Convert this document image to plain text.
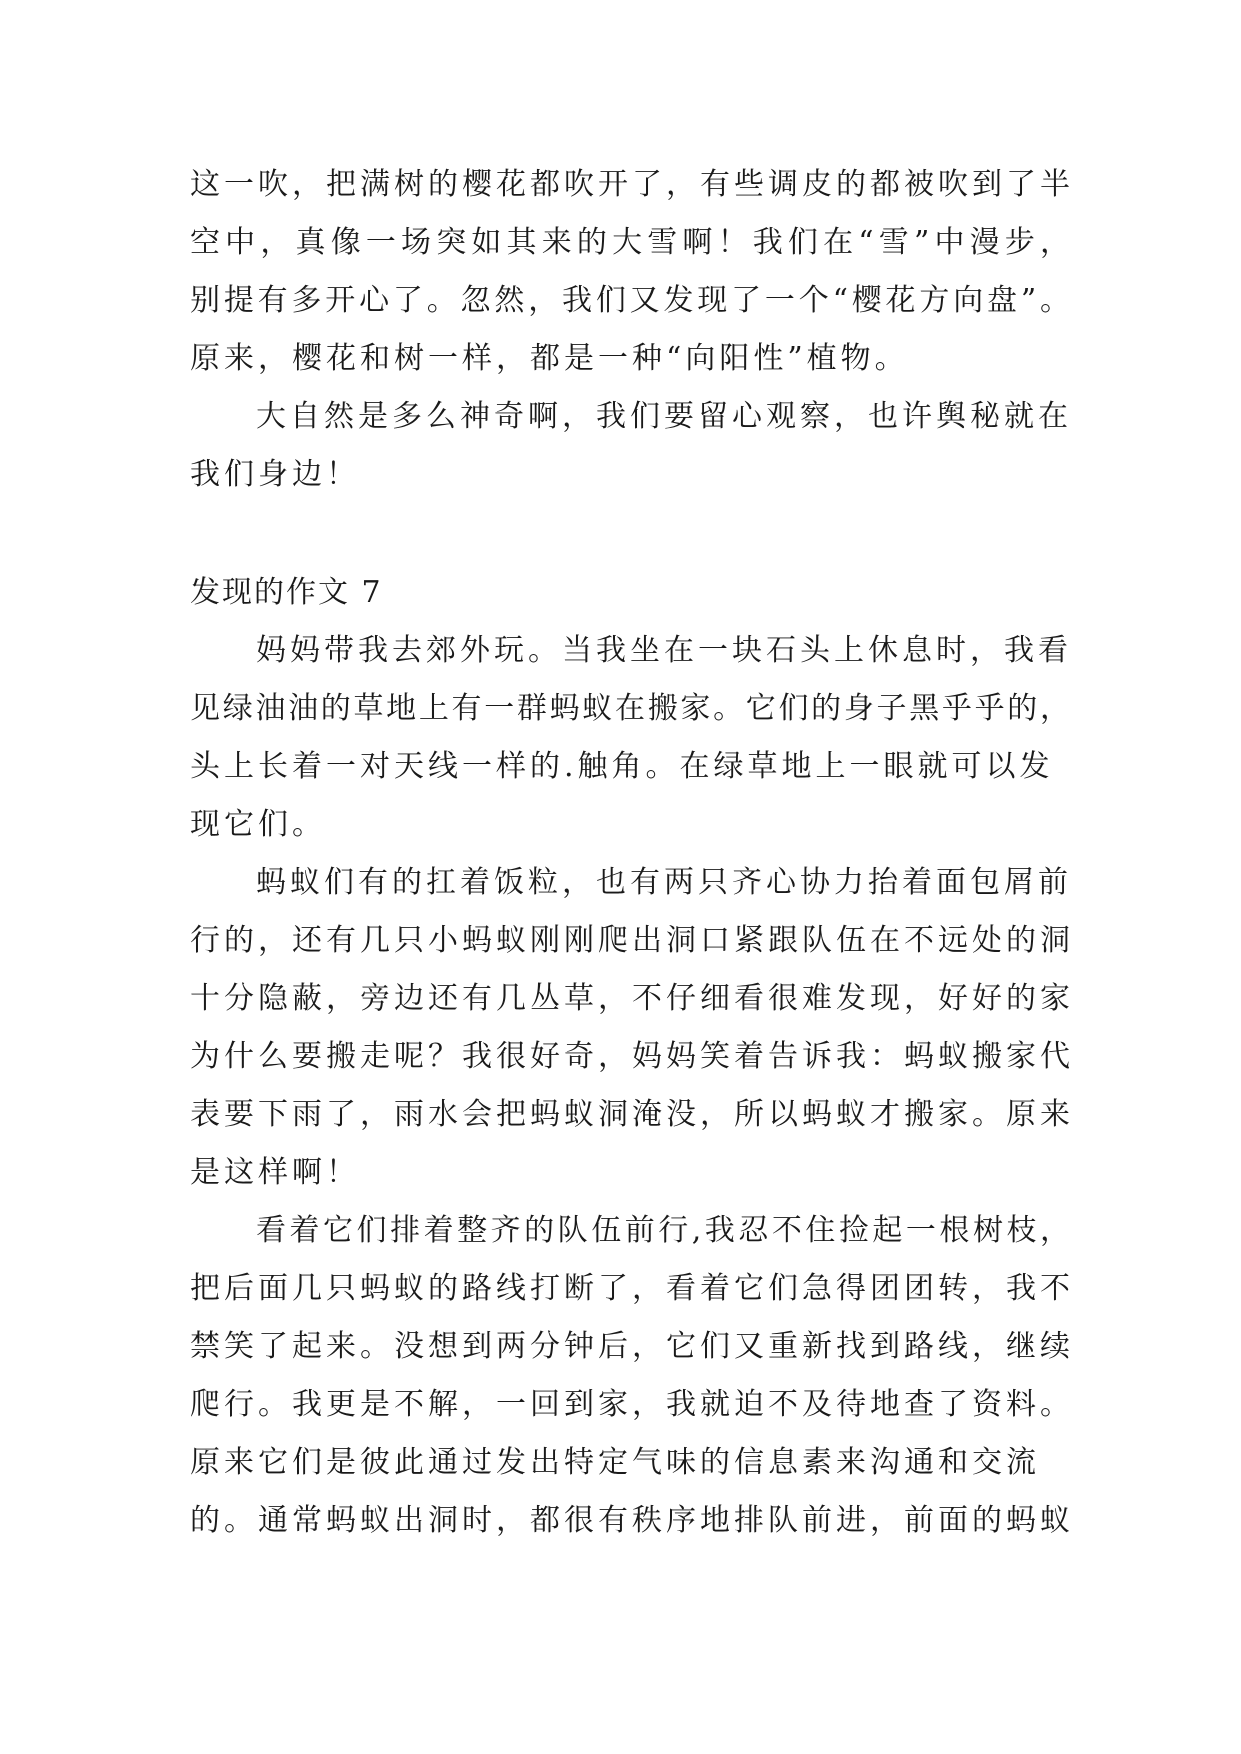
这一吹，把满树的樱花都吹开了，有些调皮的都被吹到了半
空中，真像一场突如其来的大雪啊！我们在“雪”中漫步，
别提有多开心了。忽然，我们又发现了一个“樱花方向盘”。
原来，樱花和树一样，都是一种“向阳性”植物。
大自然是多么神奇啊，我们要留心观察，也许舆秘就在
我们身边！
发现的作文 7
妈妈带我去郊外玩。当我坐在一块石头上休息时，我看
见绿油油的草地上有一群蚂蚁在搬家。它们的身子黑乎乎的，
头上长着一对天线一样的.触角。在绿草地上一眼就可以发
现它们。
蚂蚁们有的扛着饭粒，也有两只齐心协力抬着面包屑前
行的，还有几只小蚂蚁刚刚爬出洞口紧跟队伍在不远处的洞
十分隐蔽，旁边还有几丛草，不仔细看很难发现，好好的家
为什么要搬走呢？我很好奇，妈妈笑着告诉我：蚂蚁搬家代
表要下雨了，雨水会把蚂蚁洞淹没，所以蚂蚁才搬家。原来
是这样啊！
看着它们排着整齐的队伍前行,我忍不住捡起一根树枝，
把后面几只蚂蚁的路线打断了，看着它们急得团团转，我不
禁笑了起来。没想到两分钟后，它们又重新找到路线，继续
爬行。我更是不解，一回到家，我就迫不及待地查了资料。
原来它们是彼此通过发出特定气味的信息素来沟通和交流
的。通常蚂蚁出洞时，都很有秩序地排队前进，前面的蚂蚁
